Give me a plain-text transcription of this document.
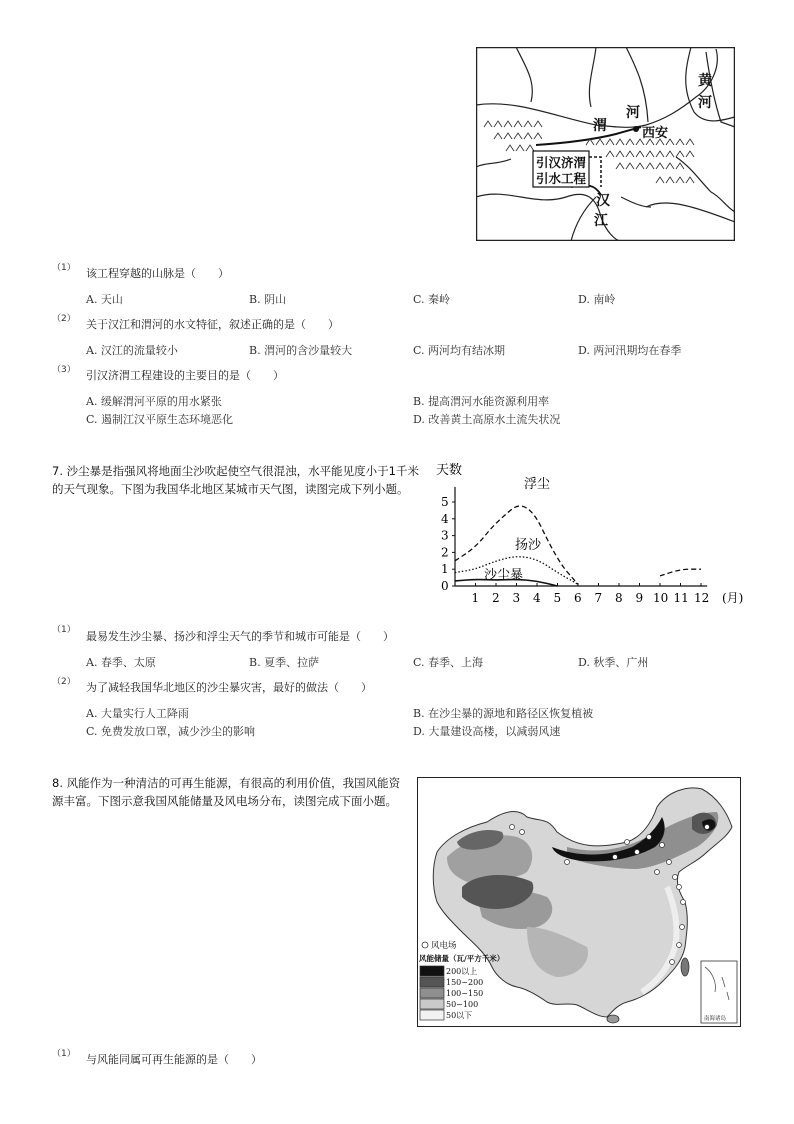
黄
河
渭
河
西安
引汉济渭
引水工程
汉
江
（1） 该工程穿越的山脉是（　　）
A. 天山	B. 阴山	C. 秦岭	D. 南岭
（2） 关于汉江和渭河的水文特征，叙述正确的是（　　）
A. 汉江的流量较小	B. 渭河的含沙量较大	C. 两河均有结冰期	D. 两河汛期均在春季
（3） 引汉济渭工程建设的主要目的是（　　）
A. 缓解渭河平原的用水紧张	B. 提高渭河水能资源利用率
C. 遏制江汉平原生态环境恶化	D. 改善黄土高原水土流失状况
7. 沙尘暴是指强风将地面尘沙吹起使空气很混浊，水平能见度小于1千米的天气现象。下图为我国华北地区某城市天气图，读图完成下列小题。
天数
(月)
浮尘
扬沙
沙尘暴
0
1
2
3
4
5
1 2 3 4 5 6 7 8 9 10 11 12
（1） 最易发生沙尘暴、扬沙和浮尘天气的季节和城市可能是（　　）
A. 春季、太原	B. 夏季、拉萨	C. 春季、上海	D. 秋季、广州
（2） 为了减轻我国华北地区的沙尘暴灾害，最好的做法（　　）
A. 大量实行人工降雨	B. 在沙尘暴的源地和路径区恢复植被
C. 免费发放口罩，减少沙尘的影响	D. 大量建设高楼，以减弱风速
8. 风能作为一种清洁的可再生能源，有很高的利用价值，我国风能资源丰富。下图示意我国风能储量及风电场分布，读图完成下面小题。
风电场
风能储量（瓦/平方千米）
200以上
150~200
100~150
50~100
50以下	南海诸岛
（1） 与风能同属可再生能源的是（　　）
